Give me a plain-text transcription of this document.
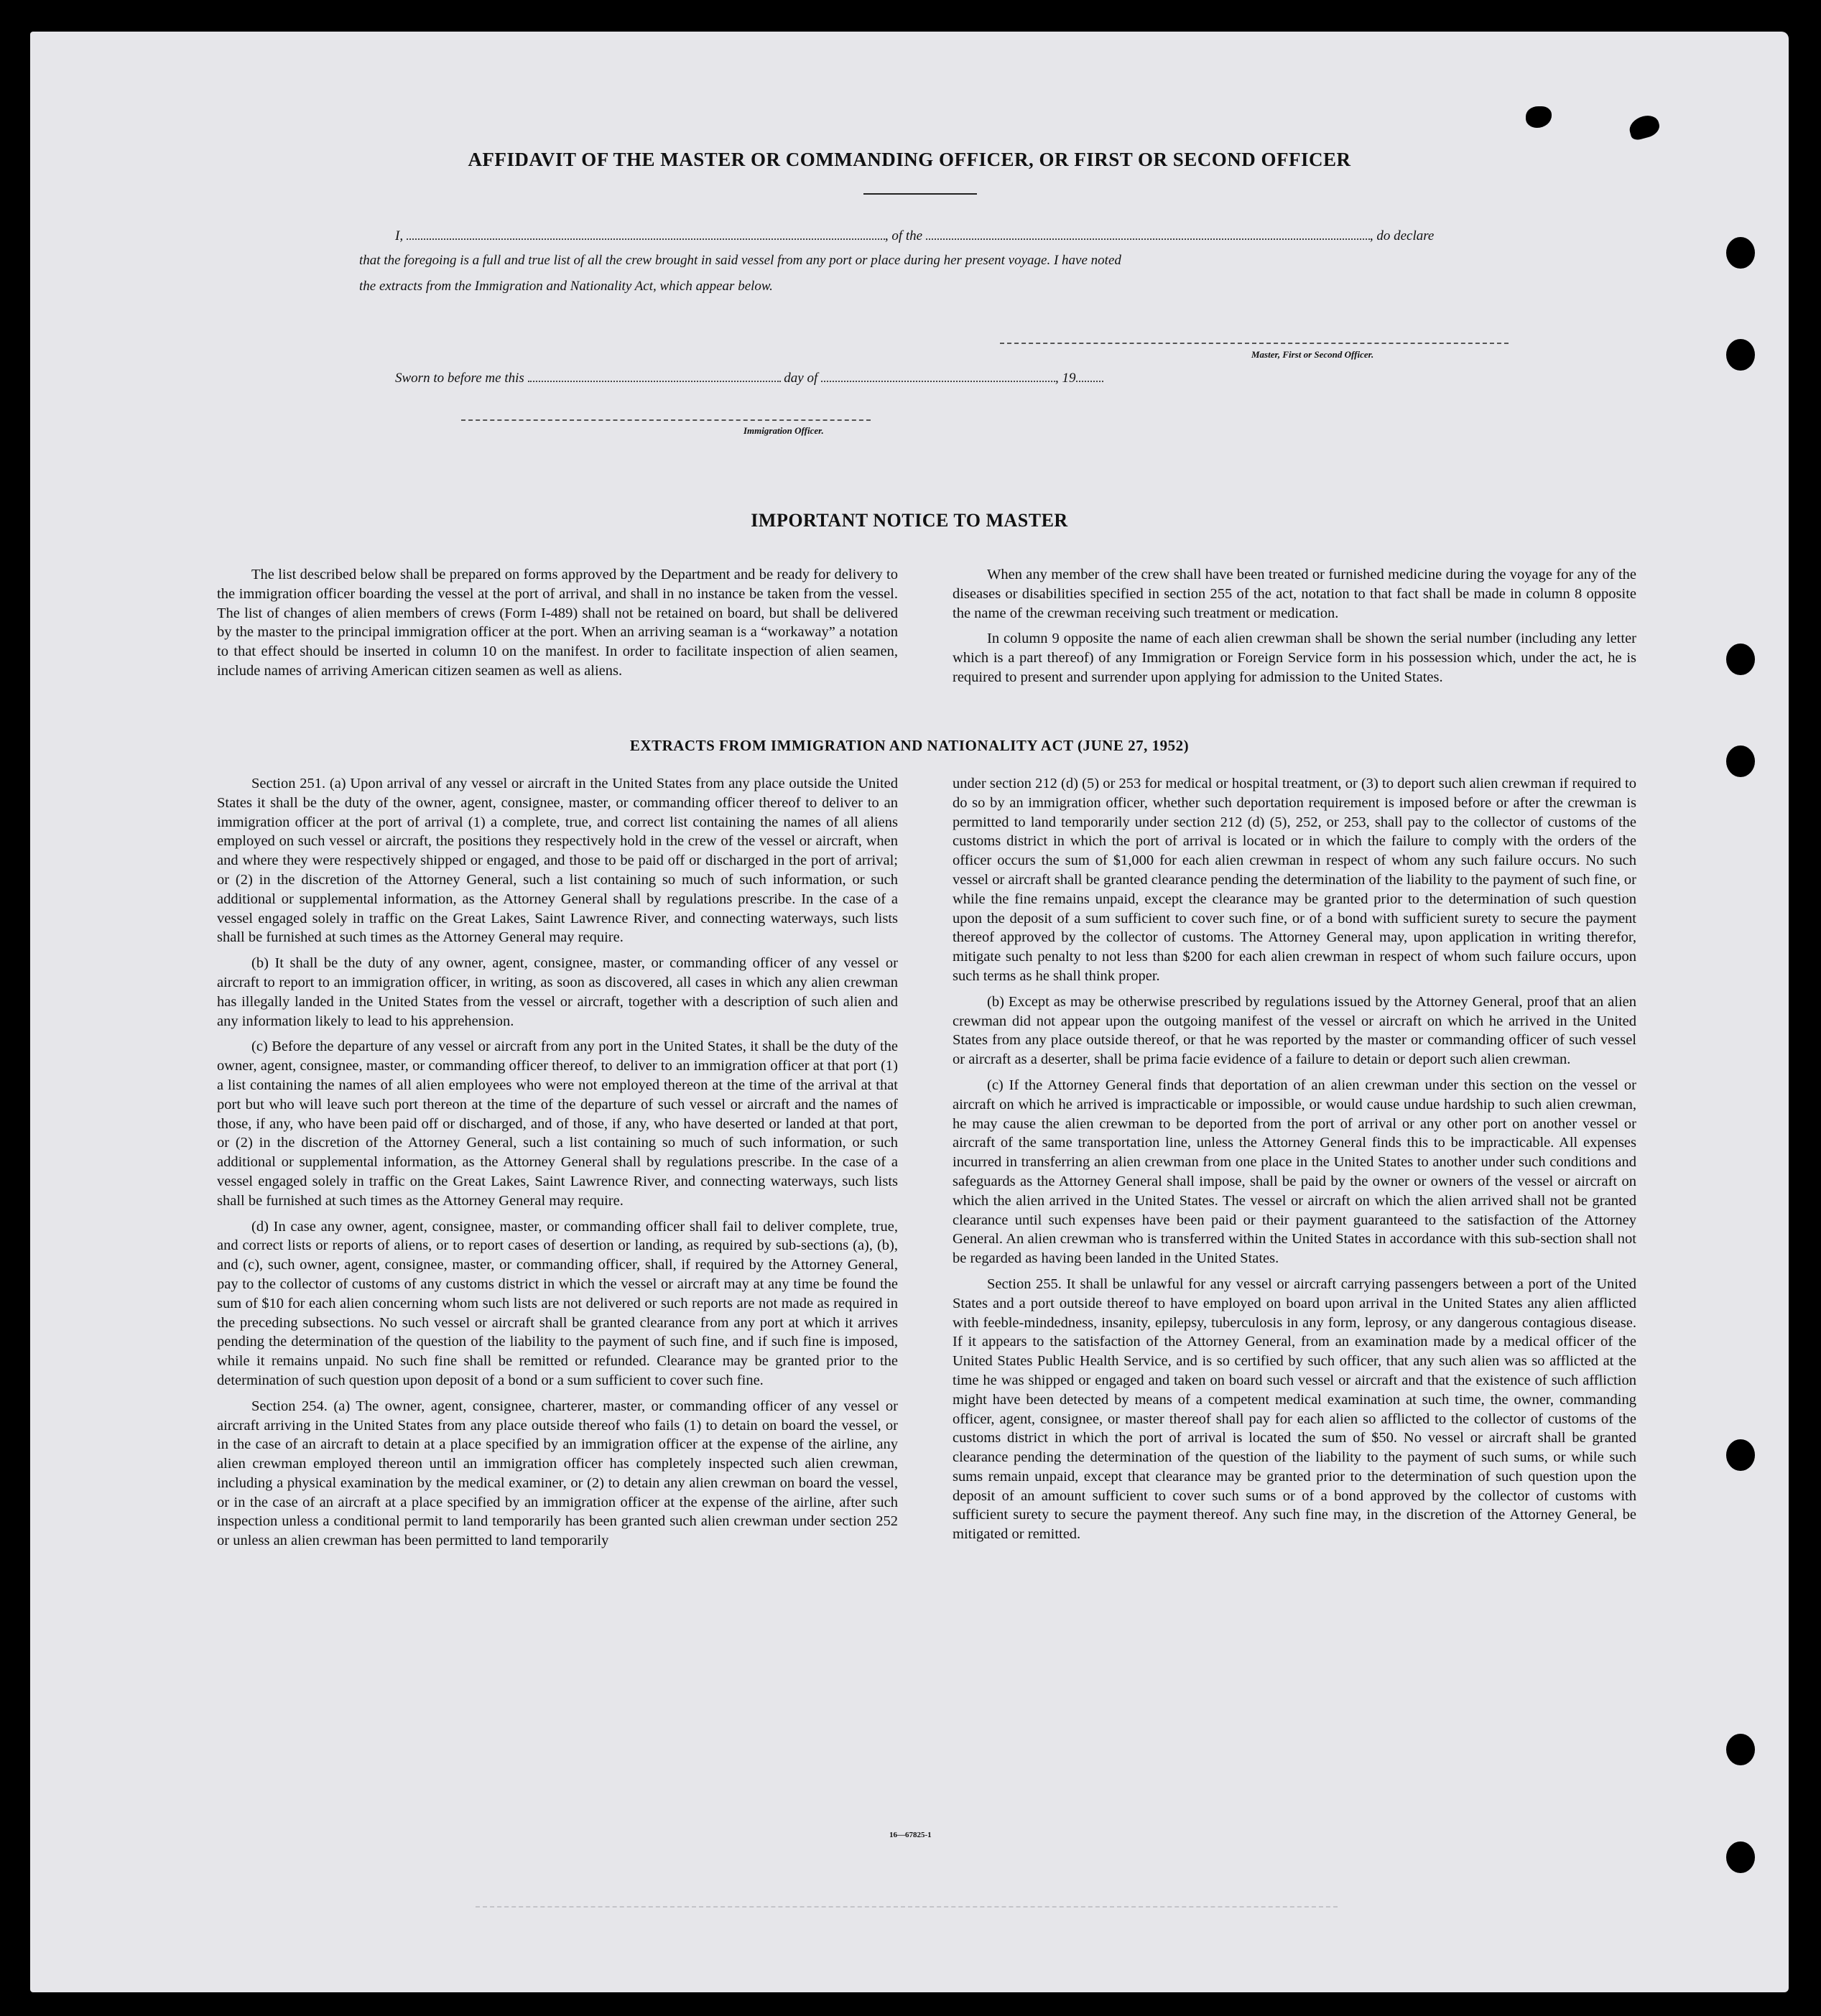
AFFIDAVIT OF THE MASTER OR COMMANDING OFFICER, OR FIRST OR SECOND OFFICER
I,	, of the	, do declare
that the foregoing is a full and true list of all the crew brought in said vessel from any port or place during her present voyage. I have noted
the extracts from the Immigration and Nationality Act, which appear below.
Master, First or Second Officer.
Sworn to before me this	day of	, 19
Immigration Officer.
IMPORTANT NOTICE TO MASTER

The list described below shall be prepared on forms approved by the Department and be ready for delivery to the immigration officer boarding the vessel at the port of arrival, and shall in no instance be taken from the vessel. The list of changes of alien members of crews (Form I-489) shall not be retained on board, but shall be delivered by the master to the principal immigration officer at the port. When an arriving seaman is a “workaway” a notation to that effect should be inserted in column 10 on the manifest. In order to facilitate inspection of alien seamen, include names of arriving American citizen seamen as well as aliens.

When any member of the crew shall have been treated or furnished medicine during the voyage for any of the diseases or disabilities specified in section 255 of the act, notation to that fact shall be made in column 8 opposite the name of the crewman receiving such treatment or medication.

In column 9 opposite the name of each alien crewman shall be shown the serial number (including any letter which is a part thereof) of any Immigration or Foreign Service form in his possession which, under the act, he is required to present and surrender upon applying for admission to the United States.

EXTRACTS FROM IMMIGRATION AND NATIONALITY ACT (JUNE 27, 1952)

Section 251. (a) Upon arrival of any vessel or aircraft in the United States from any place outside the United States it shall be the duty of the owner, agent, consignee, master, or commanding officer thereof to deliver to an immigration officer at the port of arrival (1) a complete, true, and correct list containing the names of all aliens employed on such vessel or aircraft, the positions they respectively hold in the crew of the vessel or aircraft, when and where they were respectively shipped or engaged, and those to be paid off or discharged in the port of arrival; or (2) in the discretion of the Attorney General, such a list containing so much of such information, or such additional or supplemental information, as the Attorney General shall by regulations prescribe. In the case of a vessel engaged solely in traffic on the Great Lakes, Saint Lawrence River, and connecting waterways, such lists shall be furnished at such times as the Attorney General may require.

(b) It shall be the duty of any owner, agent, consignee, master, or commanding officer of any vessel or aircraft to report to an immigration officer, in writing, as soon as discovered, all cases in which any alien crewman has illegally landed in the United States from the vessel or aircraft, together with a description of such alien and any information likely to lead to his apprehension.

(c) Before the departure of any vessel or aircraft from any port in the United States, it shall be the duty of the owner, agent, consignee, master, or commanding officer thereof, to deliver to an immigration officer at that port (1) a list containing the names of all alien employees who were not employed thereon at the time of the arrival at that port but who will leave such port thereon at the time of the departure of such vessel or aircraft and the names of those, if any, who have been paid off or discharged, and of those, if any, who have deserted or landed at that port, or (2) in the discretion of the Attorney General, such a list containing so much of such information, or such additional or supplemental information, as the Attorney General shall by regulations prescribe. In the case of a vessel engaged solely in traffic on the Great Lakes, Saint Lawrence River, and connecting waterways, such lists shall be furnished at such times as the Attorney General may require.

(d) In case any owner, agent, consignee, master, or commanding officer shall fail to deliver complete, true, and correct lists or reports of aliens, or to report cases of desertion or landing, as required by sub-sections (a), (b), and (c), such owner, agent, consignee, master, or commanding officer, shall, if required by the Attorney General, pay to the collector of customs of any customs district in which the vessel or aircraft may at any time be found the sum of $10 for each alien concerning whom such lists are not delivered or such reports are not made as required in the preceding subsections. No such vessel or aircraft shall be granted clearance from any port at which it arrives pending the determination of the question of the liability to the payment of such fine, and if such fine is imposed, while it remains unpaid. No such fine shall be remitted or refunded. Clearance may be granted prior to the determination of such question upon deposit of a bond or a sum sufficient to cover such fine.

Section 254. (a) The owner, agent, consignee, charterer, master, or commanding officer of any vessel or aircraft arriving in the United States from any place outside thereof who fails (1) to detain on board the vessel, or in the case of an aircraft to detain at a place specified by an immigration officer at the expense of the airline, any alien crewman employed thereon until an immigration officer has completely inspected such alien crewman, including a physical examination by the medical examiner, or (2) to detain any alien crewman on board the vessel, or in the case of an aircraft at a place specified by an immigration officer at the expense of the airline, after such inspection unless a conditional permit to land temporarily has been granted such alien crewman under section 252 or unless an alien crewman has been permitted to land temporarily

under section 212 (d) (5) or 253 for medical or hospital treatment, or (3) to deport such alien crewman if required to do so by an immigration officer, whether such deportation requirement is imposed before or after the crewman is permitted to land temporarily under section 212 (d) (5), 252, or 253, shall pay to the collector of customs of the customs district in which the port of arrival is located or in which the failure to comply with the orders of the officer occurs the sum of $1,000 for each alien crewman in respect of whom any such failure occurs. No such vessel or aircraft shall be granted clearance pending the determination of the liability to the payment of such fine, or while the fine remains unpaid, except the clearance may be granted prior to the determination of such question upon the deposit of a sum sufficient to cover such fine, or of a bond with sufficient surety to secure the payment thereof approved by the collector of customs. The Attorney General may, upon application in writing therefor, mitigate such penalty to not less than $200 for each alien crewman in respect of whom such failure occurs, upon such terms as he shall think proper.

(b) Except as may be otherwise prescribed by regulations issued by the Attorney General, proof that an alien crewman did not appear upon the outgoing manifest of the vessel or aircraft on which he arrived in the United States from any place outside thereof, or that he was reported by the master or commanding officer of such vessel or aircraft as a deserter, shall be prima facie evidence of a failure to detain or deport such alien crewman.

(c) If the Attorney General finds that deportation of an alien crewman under this section on the vessel or aircraft on which he arrived is impracticable or impossible, or would cause undue hardship to such alien crewman, he may cause the alien crewman to be deported from the port of arrival or any other port on another vessel or aircraft of the same transportation line, unless the Attorney General finds this to be impracticable. All expenses incurred in transferring an alien crewman from one place in the United States to another under such conditions and safeguards as the Attorney General shall impose, shall be paid by the owner or owners of the vessel or aircraft on which the alien arrived in the United States. The vessel or aircraft on which the alien arrived shall not be granted clearance until such expenses have been paid or their payment guaranteed to the satisfaction of the Attorney General. An alien crewman who is transferred within the United States in accordance with this sub-section shall not be regarded as having been landed in the United States.

Section 255. It shall be unlawful for any vessel or aircraft carrying passengers between a port of the United States and a port outside thereof to have employed on board upon arrival in the United States any alien afflicted with feeble-mindedness, insanity, epilepsy, tuberculosis in any form, leprosy, or any dangerous contagious disease. If it appears to the satisfaction of the Attorney General, from an examination made by a medical officer of the United States Public Health Service, and is so certified by such officer, that any such alien was so afflicted at the time he was shipped or engaged and taken on board such vessel or aircraft and that the existence of such affliction might have been detected by means of a competent medical examination at such time, the owner, commanding officer, agent, consignee, or master thereof shall pay for each alien so afflicted to the collector of customs of the customs district in which the port of arrival is located the sum of $50. No vessel or aircraft shall be granted clearance pending the determination of the question of the liability to the payment of such sums, or while such sums remain unpaid, except that clearance may be granted prior to the determination of such question upon the deposit of an amount sufficient to cover such sums or of a bond approved by the collector of customs with sufficient surety to secure the payment thereof. Any such fine may, in the discretion of the Attorney General, be mitigated or remitted.

16—67825-1
